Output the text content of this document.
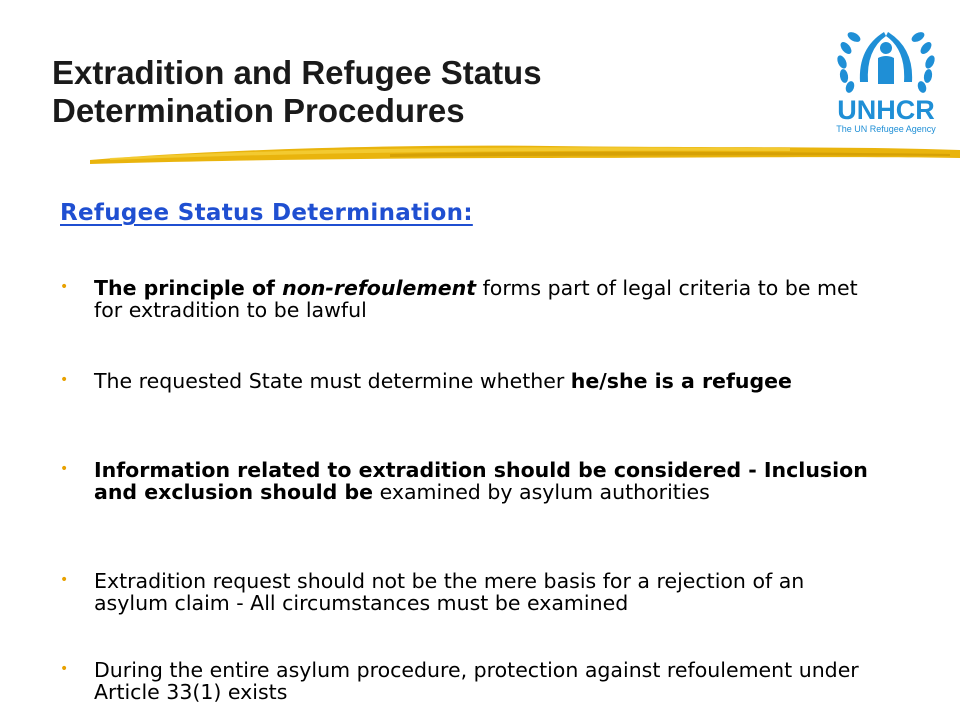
Extradition and Refugee Status
Determination Procedures	UNHCR
The UN Refugee Agency
Refugee Status Determination:
• The principle of non-refoulement forms part of legal criteria to be met for extradition to be lawful
• The requested State must determine whether he/she is a refugee
• Information related to extradition should be considered - Inclusion and exclusion should be examined by asylum authorities
• Extradition request should not be the mere basis for a rejection of an asylum claim - All circumstances must be examined
• During the entire asylum procedure, protection against refoulement under Article 33(1) exists
